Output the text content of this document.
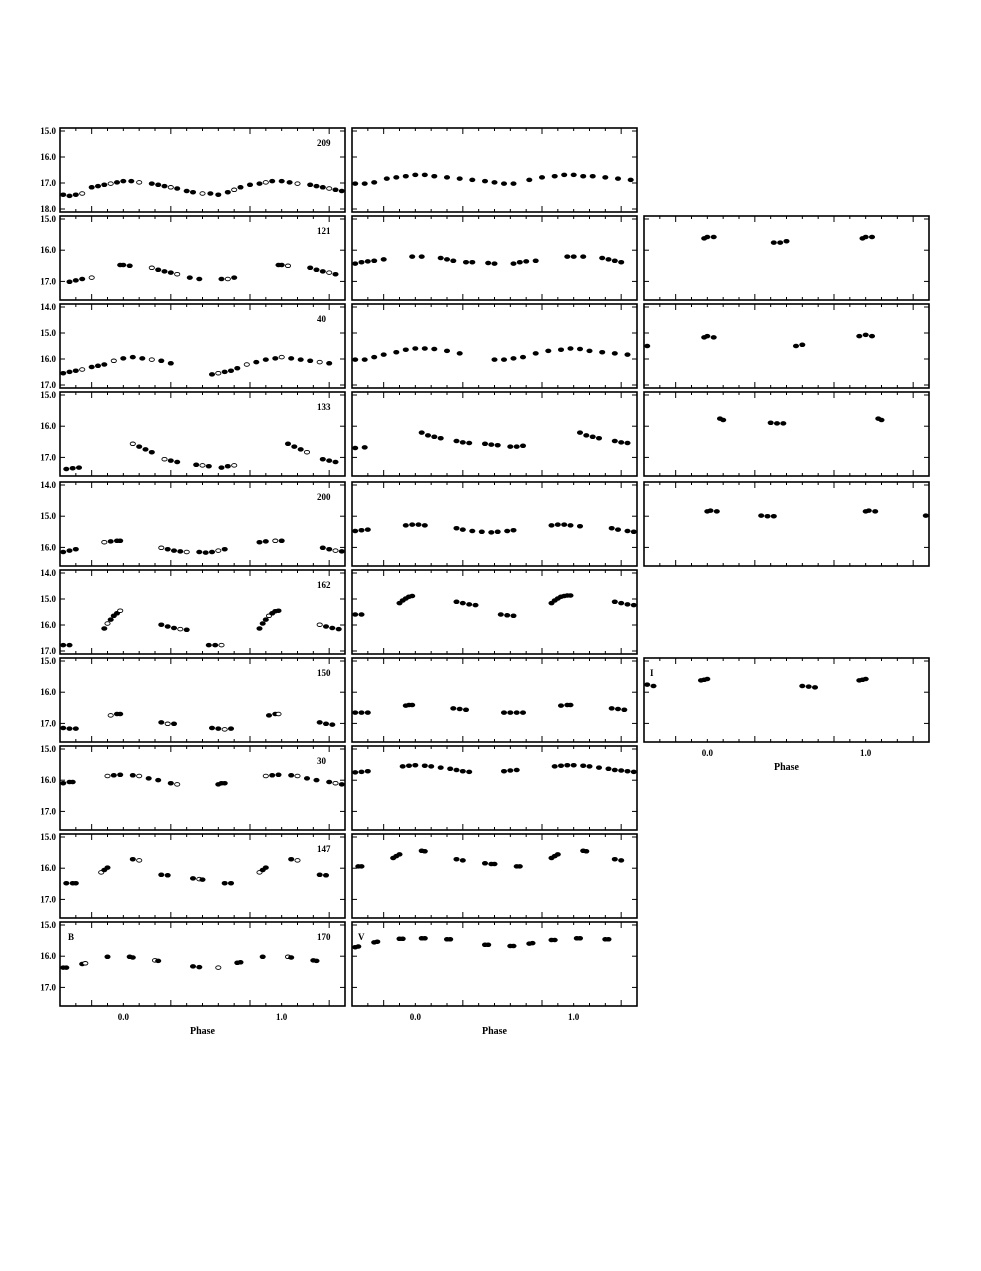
15.0
16.0
17.0
18.0
209
15.0
16.0
17.0
121
14.0
15.0
16.0
17.0
40
15.0
16.0
17.0
133
14.0
15.0
16.0
200
14.0
15.0
16.0
17.0
162
15.0
16.0
17.0
150
15.0
16.0
17.0
30
15.0
16.0
17.0
147
15.0
16.0
17.0
170
B	V
I
0.0	1.0
Phase
0.0	1.0
Phase
0.0	1.0
Phase
